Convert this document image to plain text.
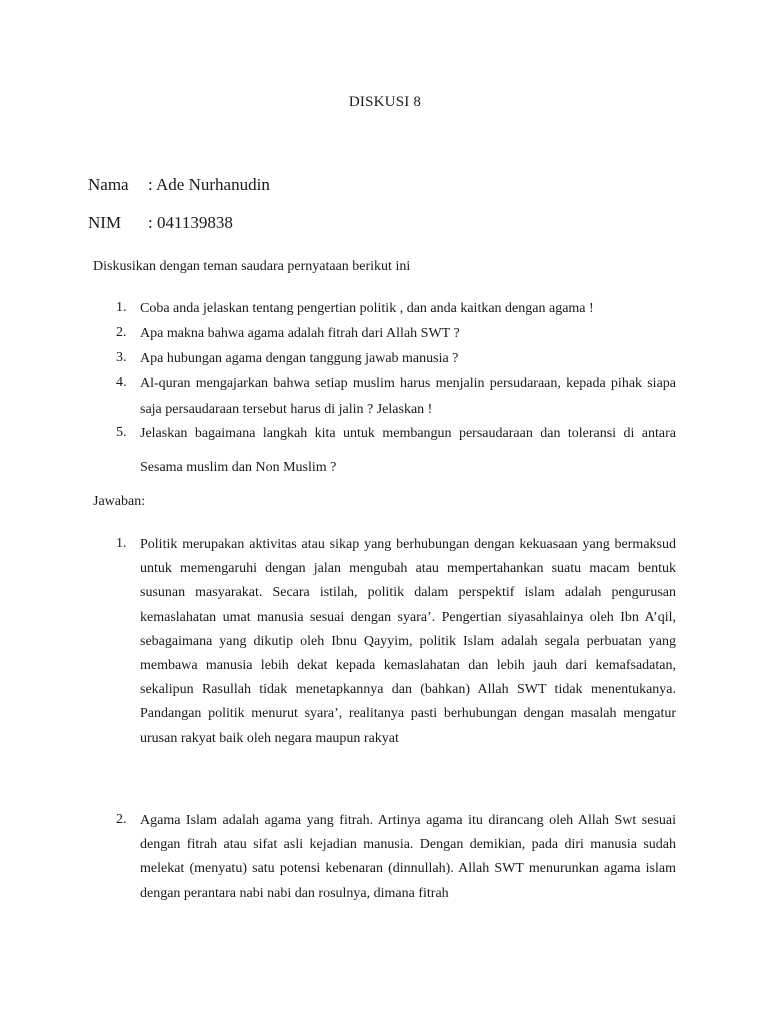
DISKUSI 8
Nama	: Ade Nurhanudin
NIM	: 041139838
Diskusikan dengan teman saudara pernyataan berikut ini
1. Coba anda jelaskan tentang pengertian politik , dan anda kaitkan dengan agama !
2. Apa makna bahwa agama adalah fitrah dari Allah SWT ?
3. Apa hubungan agama dengan tanggung jawab manusia ?
4. Al-quran mengajarkan bahwa setiap muslim harus menjalin persudaraan, kepada pihak siapa saja persaudaraan tersebut harus di jalin ? Jelaskan !
5. Jelaskan bagaimana langkah kita untuk membangun persaudaraan dan toleransi di antara Sesama muslim dan Non Muslim ?
Jawaban:
1. Politik merupakan aktivitas atau sikap yang berhubungan dengan kekuasaan yang bermaksud untuk memengaruhi dengan jalan mengubah atau mempertahankan suatu macam bentuk susunan masyarakat. Secara istilah, politik dalam perspektif islam adalah pengurusan kemaslahatan umat manusia sesuai dengan syara’. Pengertian siyasahlainya oleh Ibn A’qil, sebagaimana yang dikutip oleh Ibnu Qayyim, politik Islam adalah segala perbuatan yang membawa manusia lebih dekat kepada kemaslahatan dan lebih jauh dari kemafsadatan, sekalipun Rasullah tidak menetapkannya dan (bahkan) Allah SWT tidak menentukanya. Pandangan politik menurut syara’, realitanya pasti berhubungan dengan masalah mengatur urusan rakyat baik oleh negara maupun rakyat
2. Agama Islam adalah agama yang fitrah. Artinya agama itu dirancang oleh Allah Swt sesuai dengan fitrah atau sifat asli kejadian manusia. Dengan demikian, pada diri manusia sudah melekat (menyatu) satu potensi kebenaran (dinnullah). Allah SWT menurunkan agama islam dengan perantara nabi nabi dan rosulnya, dimana fitrah
